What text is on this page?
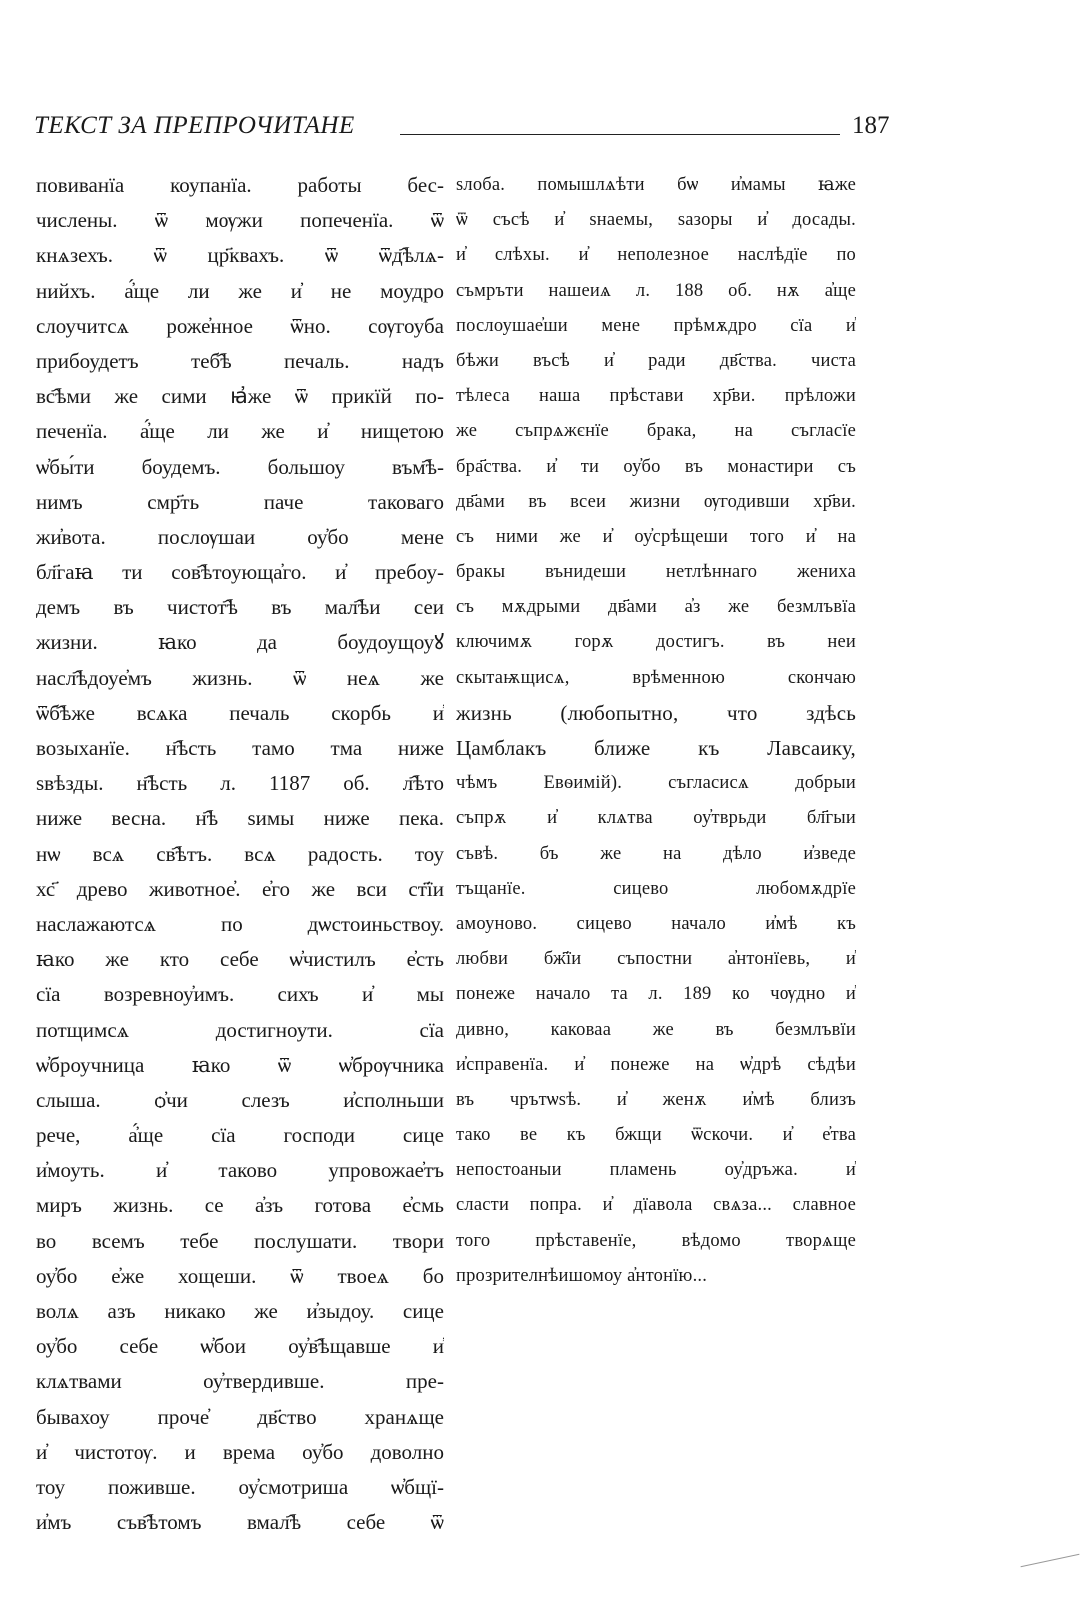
ТЕКСТ ЗА ПРЕПРОЧИТАНЕ	187
повиванїа коупанїа. работы бес-
числены. ѿ мѹжи попеченїа. ѿ
кнѧзехъ. ѿ цр҃квахъ. ѿ ѿд҄ѣлѧ-
нийхъ. а҆́ще ли же и҆ не моудро
слоучитсѧ роже҆нное ѿно. сѹгоуба
прибоудетъ теб҄ѣ печаль. надъ
вс҄ѣми же сими ꙗ҆же ѿ прикїй по-
печенїа. а҆́ще ли же и҆ нищетою
ѡ҆бы́ти боудемъ. большоу въм҄ѣ-
нимъ смр҃ть паче таковаго
жи҆вота. послѹшаи оу҆бо мене
бл҃гаꙗ ти сов҄ѣтоующа҆го. и҆ пребоу-
демъ въ чистот҄ѣ въ мал҄ѣи сеи
жизни. ꙗко да боудоущоуꙋ
насл҄ѣдоуе҆мъ жизнь. ѿ неѧ же
ѿб҄ѣже всѧка печаль скорбь и҆
возыханїе. н҄ѣсть тамо тма ниже
ѕвѣзды. н҄ѣсть л. 1187 об. л҄ѣто
ниже весна. н҄ѣ ѕимы ниже пека.
нѡ всѧ св҄ѣтъ. всѧ радость. тоу
хс҃ древо животное҆. е҆го же вси ст҃їи
наслажаютсѧ по дѡстоиньствоу.
ꙗко же кто себе ѡ҆чистилъ е҆сть
сїа возревноу҆имъ. сихъ и҆ мы
потщимсѧ достигноути. сїа
ѡ҆броучница ꙗко ѿ ѡ҆брѹчника
слыша. ѻ҆чи слезъ и҆сполньши
рече, а҆́ще сїа господи сице
и҆моуть. и҆ таково упровожае҆тъ
миръ жизнь. се а҆зъ готова е҆смь
во всемъ тебе послушати. твори
оу҆бо е҆же хощеши. ѿ твоеѧ бо
волѧ азъ никако же и҆зыдоу. сице
оу҆бо себе ѡ҆бои оу҆в҄ѣщавше и҆
клѧтвами оу҆твердивше. пре-
бывахоу проче҆ дв҃ство хранѧще
и҆ чистотѹ. и врема оу҆бо доволно
тоу поживше. оу҆смотриша ѡ҆бщї-
и҆мъ съв҄ѣтомъ вмал҄ѣ себе ѿ
ѕлоба. помышлѧѣти бѡ и҆мамы ꙗже
ѿ съсѣ и҆ ѕнаемы, ѕазоры и҆ досады.
и҆ слѣхы. и҆ неполезное наслѣдїе по
съмръти нашеиѧ л. 188 об. нѫ а҆ще
послоушае҆ши мене прѣмѫдро сїа и҆
бѣжи въсѣ и҆ ради дв҃ства. чиста
тѣлеса наша прѣстави хр҃ви. прѣложи
же съпрѧжєнїе брака, на съгласїе
бра҃ства. и҆ ти оу҆бо въ монастири съ
дв҃ами въ всеи жизни ѹгодивши хр҃ви.
съ ними же и҆ оу҆срѣщеши того и҆ на
бракы вънидеши нетлѣннаго жениха
съ мѫдрыми дв҃ами а҆з же безмлъвїа
ключимѫ горѫ достигъ. въ неи
скытаѭщисѧ, врѣменною скончаю
жизнь (любопытно, что здѣсь
Цамблакъ ближе къ Лавсаику,
чѣмъ Евѳимій). съгласисѧ добрыи
съпрѫ и҆ клѧтва оу҆тврьди бл҃гыи
съвѣ. бъ же на дѣло и҆зведе
тъщанїе. сицево любомѫдрїе
амоуново. сицево начало и҆мѣ къ
любви бж҃їи съпостни а҆нтонїевь, и҆
понеже начало та л. 189 ко чѹдно и҆
дивно, каковаа же въ безмлъвїи
и҆справенїа. и҆ понеже на ѡ҆дрѣ сѣдѣи
въ чрътѡѕѣ. и҆ женѫ и҆мѣ близъ
тако ве къ бжщи ѿскочи. и҆ е҆тва
непостоаныи пламень оу҆дръжа. и҆
сласти попра. и҆ дїавола свѧза... славное
того прѣставенїе, вѣдомо творѧще
прозрителнѣишомоу а҆нтонїю...
